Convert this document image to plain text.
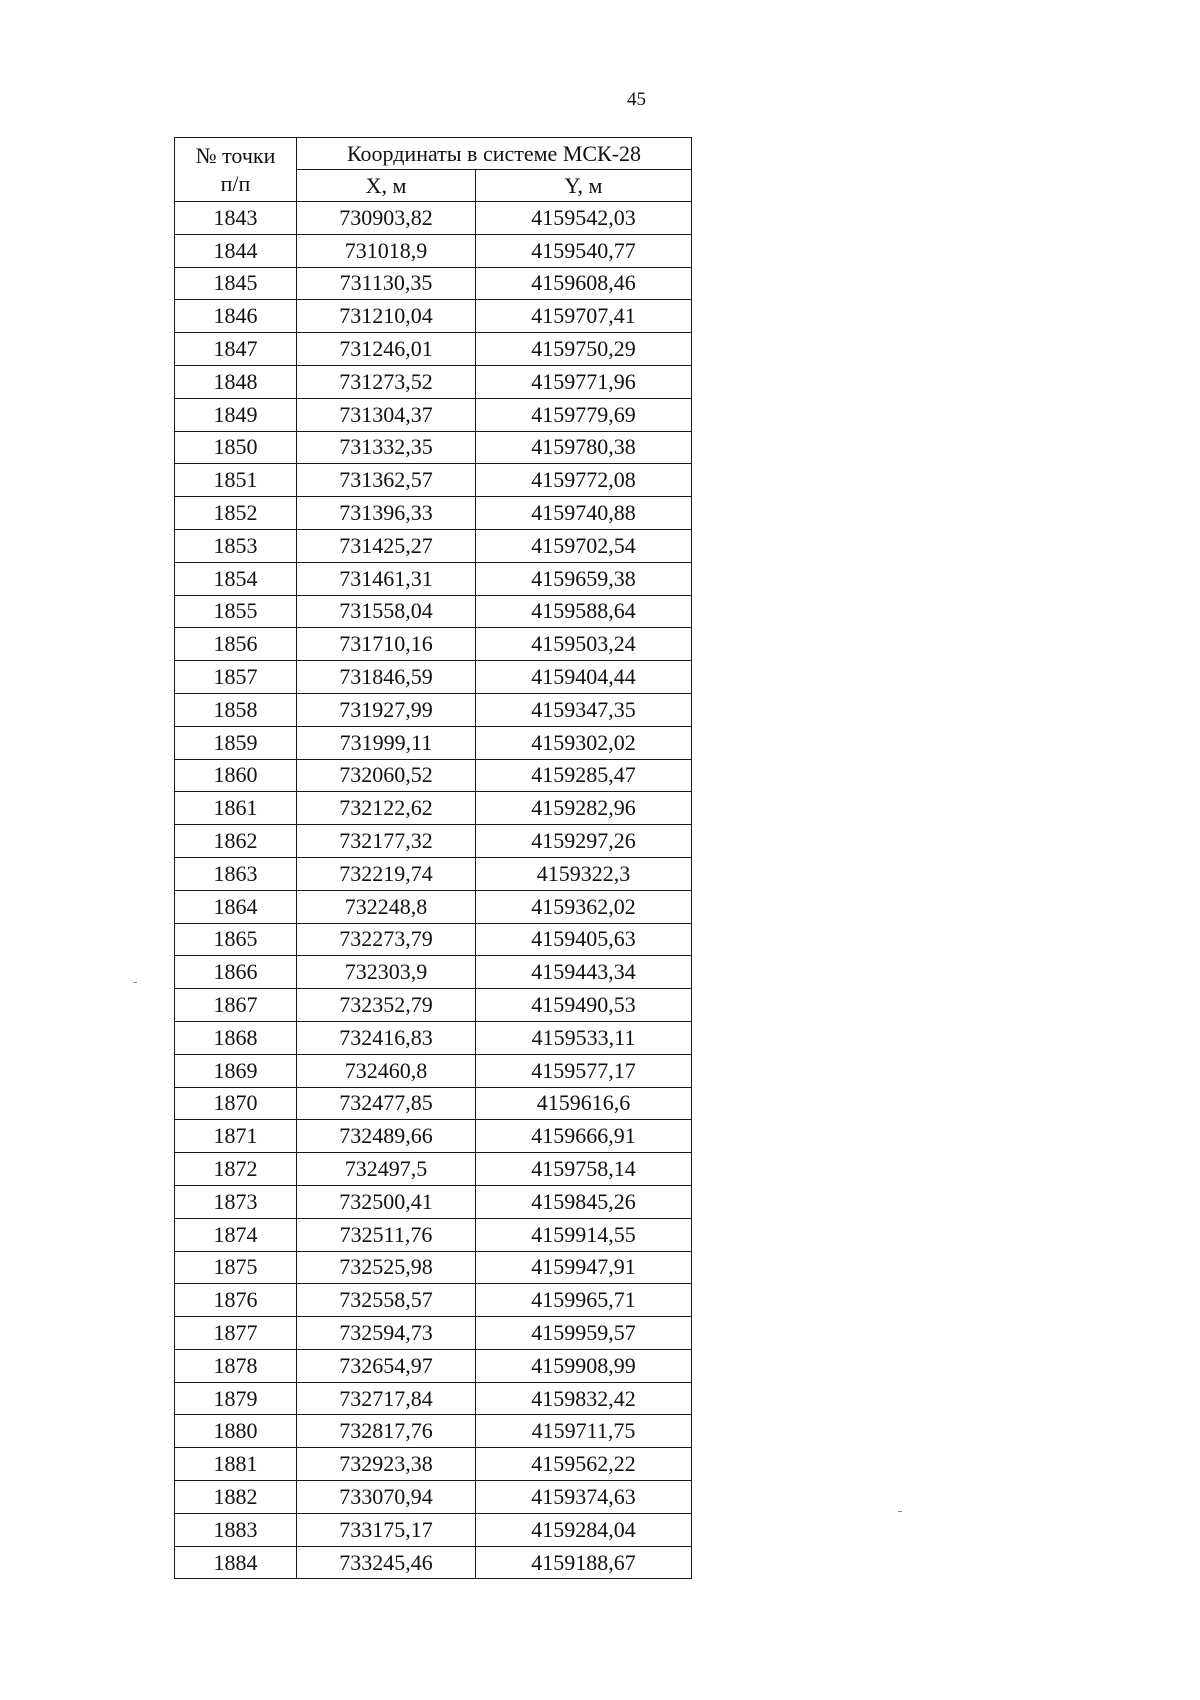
45
№ точки
п/п	Координаты в системе МСК-28	
	X, м	Y, м
1843	730903,82	4159542,03
1844	731018,9	4159540,77
1845	731130,35	4159608,46
1846	731210,04	4159707,41
1847	731246,01	4159750,29
1848	731273,52	4159771,96
1849	731304,37	4159779,69
1850	731332,35	4159780,38
1851	731362,57	4159772,08
1852	731396,33	4159740,88
1853	731425,27	4159702,54
1854	731461,31	4159659,38
1855	731558,04	4159588,64
1856	731710,16	4159503,24
1857	731846,59	4159404,44
1858	731927,99	4159347,35
1859	731999,11	4159302,02
1860	732060,52	4159285,47
1861	732122,62	4159282,96
1862	732177,32	4159297,26
1863	732219,74	4159322,3
1864	732248,8	4159362,02
1865	732273,79	4159405,63
1866	732303,9	4159443,34
1867	732352,79	4159490,53
1868	732416,83	4159533,11
1869	732460,8	4159577,17
1870	732477,85	4159616,6
1871	732489,66	4159666,91
1872	732497,5	4159758,14
1873	732500,41	4159845,26
1874	732511,76	4159914,55
1875	732525,98	4159947,91
1876	732558,57	4159965,71
1877	732594,73	4159959,57
1878	732654,97	4159908,99
1879	732717,84	4159832,42
1880	732817,76	4159711,75
1881	732923,38	4159562,22
1882	733070,94	4159374,63
1883	733175,17	4159284,04
1884	733245,46	4159188,67
